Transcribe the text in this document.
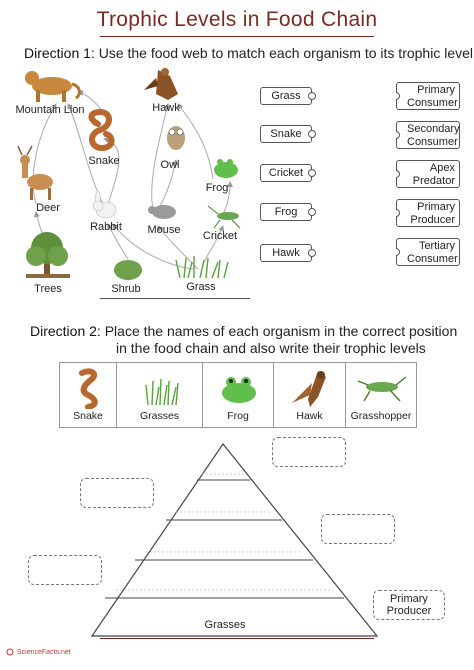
Trophic Levels in Food Chain
Direction 1: Use the food web to match each organism to its trophic level
Mountain Lion	Hawk
Snake	Owl
Deer
Frog
Rabbit	Mouse	Cricket
Trees	Shrub	Grass
Grass
Snake
Cricket
Frog
Hawk
Primary
Consumer
Secondary
Consumer
Apex
Predator
Primary
Producer
Tertiary
Consumer
Direction 2: Place the names of each organism in the correct position
in the food chain and also write their trophic levels
Snake	Grasses	Frog	Hawk	Grasshopper
Grasses
Primary
Producer
ScienceFacts.net
